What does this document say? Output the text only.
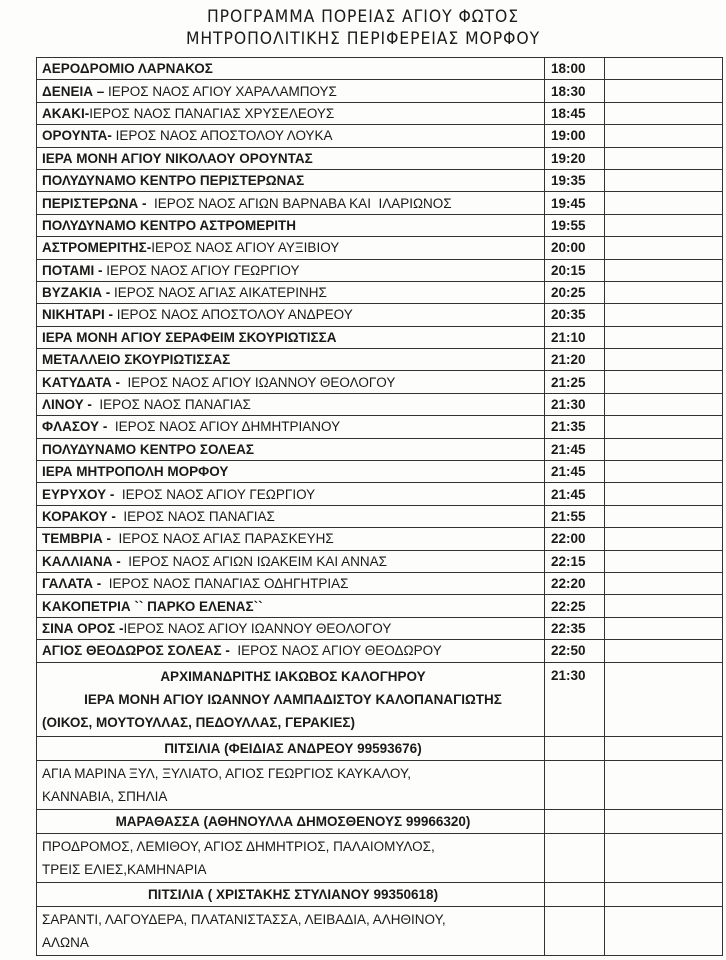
ΠΡΟΓΡΑΜΜΑ ΠΟΡΕΙΑΣ ΑΓΙΟΥ ΦΩΤΟΣ
ΜΗΤΡΟΠΟΛΙΤΙΚΗΣ ΠΕΡΙΦΕΡΕΙΑΣ ΜΟΡΦΟΥ
ΑΕΡΟΔΡΟΜΙΟ ΛΑΡΝΑΚΟΣ	18:00	
ΔΕΝΕΙΑ – ΙΕΡΟΣ ΝΑΟΣ ΑΓΙΟΥ ΧΑΡΑΛΑΜΠΟΥΣ	18:30	
ΑΚΑΚΙ-ΙΕΡΟΣ ΝΑΟΣ ΠΑΝΑΓΙΑΣ ΧΡΥΣΕΛΕΟΥΣ	18:45	
ΟΡΟΥΝΤΑ- ΙΕΡΟΣ ΝΑΟΣ ΑΠΟΣΤΟΛΟΥ ΛΟΥΚΑ	19:00	
ΙΕΡΑ ΜΟΝΗ ΑΓΙΟΥ ΝΙΚΟΛΑΟΥ ΟΡΟΥΝΤΑΣ	19:20	
ΠΟΛΥΔΥΝΑΜΟ ΚΕΝΤΡΟ ΠΕΡΙΣΤΕΡΩΝΑΣ	19:35	
ΠΕΡΙΣΤΕΡΩΝΑ -  ΙΕΡΟΣ ΝΑΟΣ ΑΓΙΩΝ ΒΑΡΝΑΒΑ ΚΑΙ  ΙΛΑΡΙΩΝΟΣ	19:45	
ΠΟΛΥΔΥΝΑΜΟ ΚΕΝΤΡΟ ΑΣΤΡΟΜΕΡΙΤΗ	19:55	
ΑΣΤΡΟΜΕΡΙΤΗΣ-ΙΕΡΟΣ ΝΑΟΣ ΑΓΙΟΥ ΑΥΞΙΒΙΟΥ	20:00	
ΠΟΤΑΜΙ - ΙΕΡΟΣ ΝΑΟΣ ΑΓΙΟΥ ΓΕΩΡΓΙΟΥ	20:15	
ΒΥΖΑΚΙΑ - ΙΕΡΟΣ ΝΑΟΣ ΑΓΙΑΣ ΑΙΚΑΤΕΡΙΝΗΣ	20:25	
ΝΙΚΗΤΑΡΙ - ΙΕΡΟΣ ΝΑΟΣ ΑΠΟΣΤΟΛΟΥ ΑΝΔΡΕΟΥ	20:35	
ΙΕΡΑ ΜΟΝΗ ΑΓΙΟΥ ΣΕΡΑΦΕΙΜ ΣΚΟΥΡΙΩΤΙΣΣΑ	21:10	
ΜΕΤΑΛΛΕΙΟ ΣΚΟΥΡΙΩΤΙΣΣΑΣ	21:20	
ΚΑΤΥΔΑΤΑ -  ΙΕΡΟΣ ΝΑΟΣ ΑΓΙΟΥ ΙΩΑΝΝΟΥ ΘΕΟΛΟΓΟΥ	21:25	
ΛΙΝΟΥ -  ΙΕΡΟΣ ΝΑΟΣ ΠΑΝΑΓΙΑΣ	21:30	
ΦΛΑΣΟΥ -  ΙΕΡΟΣ ΝΑΟΣ ΑΓΙΟΥ ΔΗΜΗΤΡΙΑΝΟΥ	21:35	
ΠΟΛΥΔΥΝΑΜΟ ΚΕΝΤΡΟ ΣΟΛΕΑΣ	21:45	
ΙΕΡΑ ΜΗΤΡΟΠΟΛΗ ΜΟΡΦΟΥ	21:45	
ΕΥΡΥΧΟΥ -  ΙΕΡΟΣ ΝΑΟΣ ΑΓΙΟΥ ΓΕΩΡΓΙΟΥ	21:45	
ΚΟΡΑΚΟΥ -  ΙΕΡΟΣ ΝΑΟΣ ΠΑΝΑΓΙΑΣ	21:55	
ΤΕΜΒΡΙΑ -  ΙΕΡΟΣ ΝΑΟΣ ΑΓΙΑΣ ΠΑΡΑΣΚΕΥΗΣ	22:00	
ΚΑΛΛΙΑΝΑ -  ΙΕΡΟΣ ΝΑΟΣ ΑΓΙΩΝ ΙΩΑΚΕΙΜ ΚΑΙ ΑΝΝΑΣ	22:15	
ΓΑΛΑΤΑ -  ΙΕΡΟΣ ΝΑΟΣ ΠΑΝΑΓΙΑΣ ΟΔΗΓΗΤΡΙΑΣ	22:20	
ΚΑΚΟΠΕΤΡΙΑ `` ΠΑΡΚΟ ΕΛΕΝΑΣ``	22:25	
ΣΙΝΑ ΟΡΟΣ -ΙΕΡΟΣ ΝΑΟΣ ΑΓΙΟΥ ΙΩΑΝΝΟΥ ΘΕΟΛΟΓΟΥ	22:35	
ΑΓΙΟΣ ΘΕΟΔΩΡΟΣ ΣΟΛΕΑΣ -  ΙΕΡΟΣ ΝΑΟΣ ΑΓΙΟΥ ΘΕΟΔΩΡΟΥ	22:50	

ΑΡΧΙΜΑΝΔΡΙΤΗΣ ΙΑΚΩΒΟΣ ΚΑΛΟΓΗΡΟΥ
ΙΕΡΑ ΜΟΝΗ ΑΓΙΟΥ ΙΩΑΝΝΟΥ ΛΑΜΠΑΔΙΣΤΟΥ ΚΑΛΟΠΑΝΑΓΙΩΤΗΣ
(ΟΙΚΟΣ, ΜΟΥΤΟΥΛΛΑΣ, ΠΕΔΟΥΛΛΑΣ, ΓΕΡΑΚΙΕΣ)	21:30	
ΠΙΤΣΙΛΙΑ (ΦΕΙΔΙΑΣ ΑΝΔΡΕΟΥ 99593676)		

ΑΓΙΑ ΜΑΡΙΝΑ ΞΥΛ, ΞΥΛΙΑΤΟ, ΑΓΙΟΣ ΓΕΩΡΓΙΟΣ ΚΑΥΚΑΛΟΥ,
ΚΑΝΝΑΒΙΑ, ΣΠΗΛΙΑ		

ΜΑΡΑΘΑΣΣΑ (ΑΘΗΝΟΥΛΛΑ ΔΗΜΟΣΘΕΝΟΥΣ 99966320)		

ΠΡΟΔΡΟΜΟΣ, ΛΕΜΙΘΟΥ, ΑΓΙΟΣ ΔΗΜΗΤΡΙΟΣ, ΠΑΛΑΙΟΜΥΛΟΣ,
ΤΡΕΙΣ ΕΛΙΕΣ,ΚΑΜΗΝΑΡΙΑ		

ΠΙΤΣΙΛΙΑ ( ΧΡΙΣΤΑΚΗΣ ΣΤΥΛΙΑΝΟΥ 99350618)		

ΣΑΡΑΝΤΙ, ΛΑΓΟΥΔΕΡΑ, ΠΛΑΤΑΝΙΣΤΑΣΣΑ, ΛΕΙΒΑΔΙΑ, ΑΛΗΘΙΝΟΥ,
ΑΛΩΝΑ		
